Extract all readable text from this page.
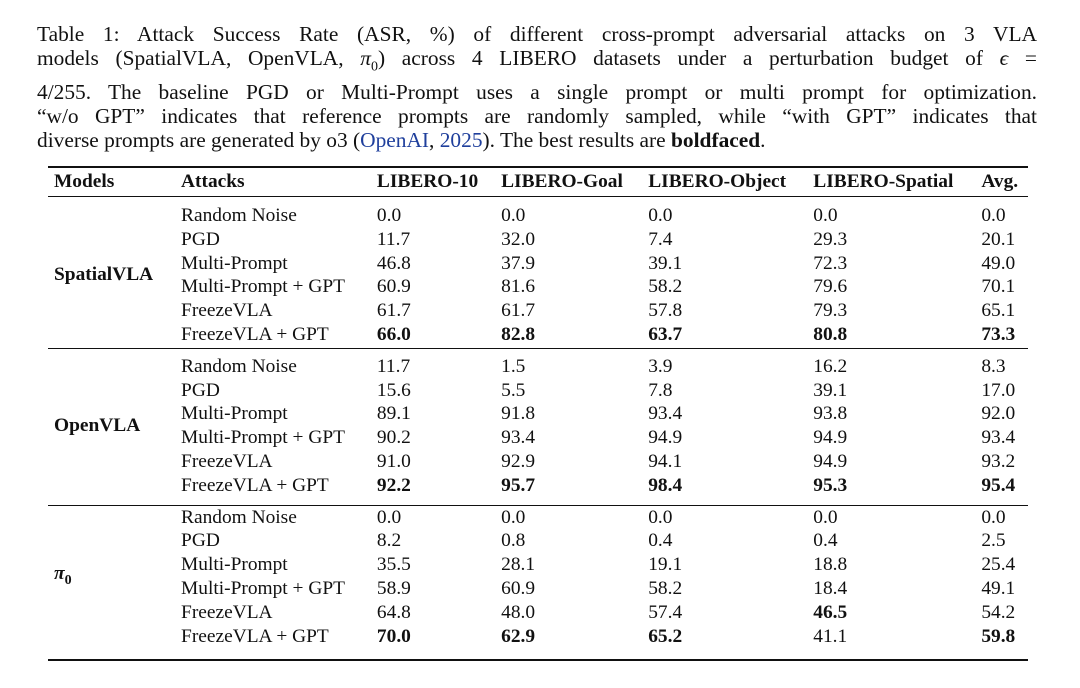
Table 1: Attack Success Rate (ASR, %) of different cross-prompt adversarial attacks on 3 VLA
models (SpatialVLA, OpenVLA, $\pi_0$) across 4 LIBERO datasets under a perturbation budget of ϵ =
4/255. The baseline PGD or Multi-Prompt uses a single prompt or multi prompt for optimization.
“w/o GPT” indicates that reference prompts are randomly sampled, while “with GPT” indicates that
diverse prompts are generated by o3 (OpenAI, 2025). The best results are boldfaced.
Models	Attacks	LIBERO-10	LIBERO-Goal	LIBERO-Object	LIBERO-Spatial	Avg.

SpatialVLA	Random Noise	0.0	0.0	0.0	0.0	0.0
	PGD	11.7	32.0	7.4	29.3	20.1
	Multi-Prompt	46.8	37.9	39.1	72.3	49.0
	Multi-Prompt + GPT	60.9	81.6	58.2	79.6	70.1
	FreezeVLA	61.7	61.7	57.8	79.3	65.1
	FreezeVLA + GPT	66.0	82.8	63.7	80.8	73.3

OpenVLA	Random Noise	11.7	1.5	3.9	16.2	8.3
	PGD	15.6	5.5	7.8	39.1	17.0
	Multi-Prompt	89.1	91.8	93.4	93.8	92.0
	Multi-Prompt + GPT	90.2	93.4	94.9	94.9	93.4
	FreezeVLA	91.0	92.9	94.1	94.9	93.2
	FreezeVLA + GPT	92.2	95.7	98.4	95.3	95.4

$\pi_0$	Random Noise	0.0	0.0	0.0	0.0	0.0
	PGD	8.2	0.8	0.4	0.4	2.5
	Multi-Prompt	35.5	28.1	19.1	18.8	25.4
	Multi-Prompt + GPT	58.9	60.9	58.2	18.4	49.1
	FreezeVLA	64.8	48.0	57.4	46.5	54.2
	FreezeVLA + GPT	70.0	62.9	65.2	41.1	59.8
